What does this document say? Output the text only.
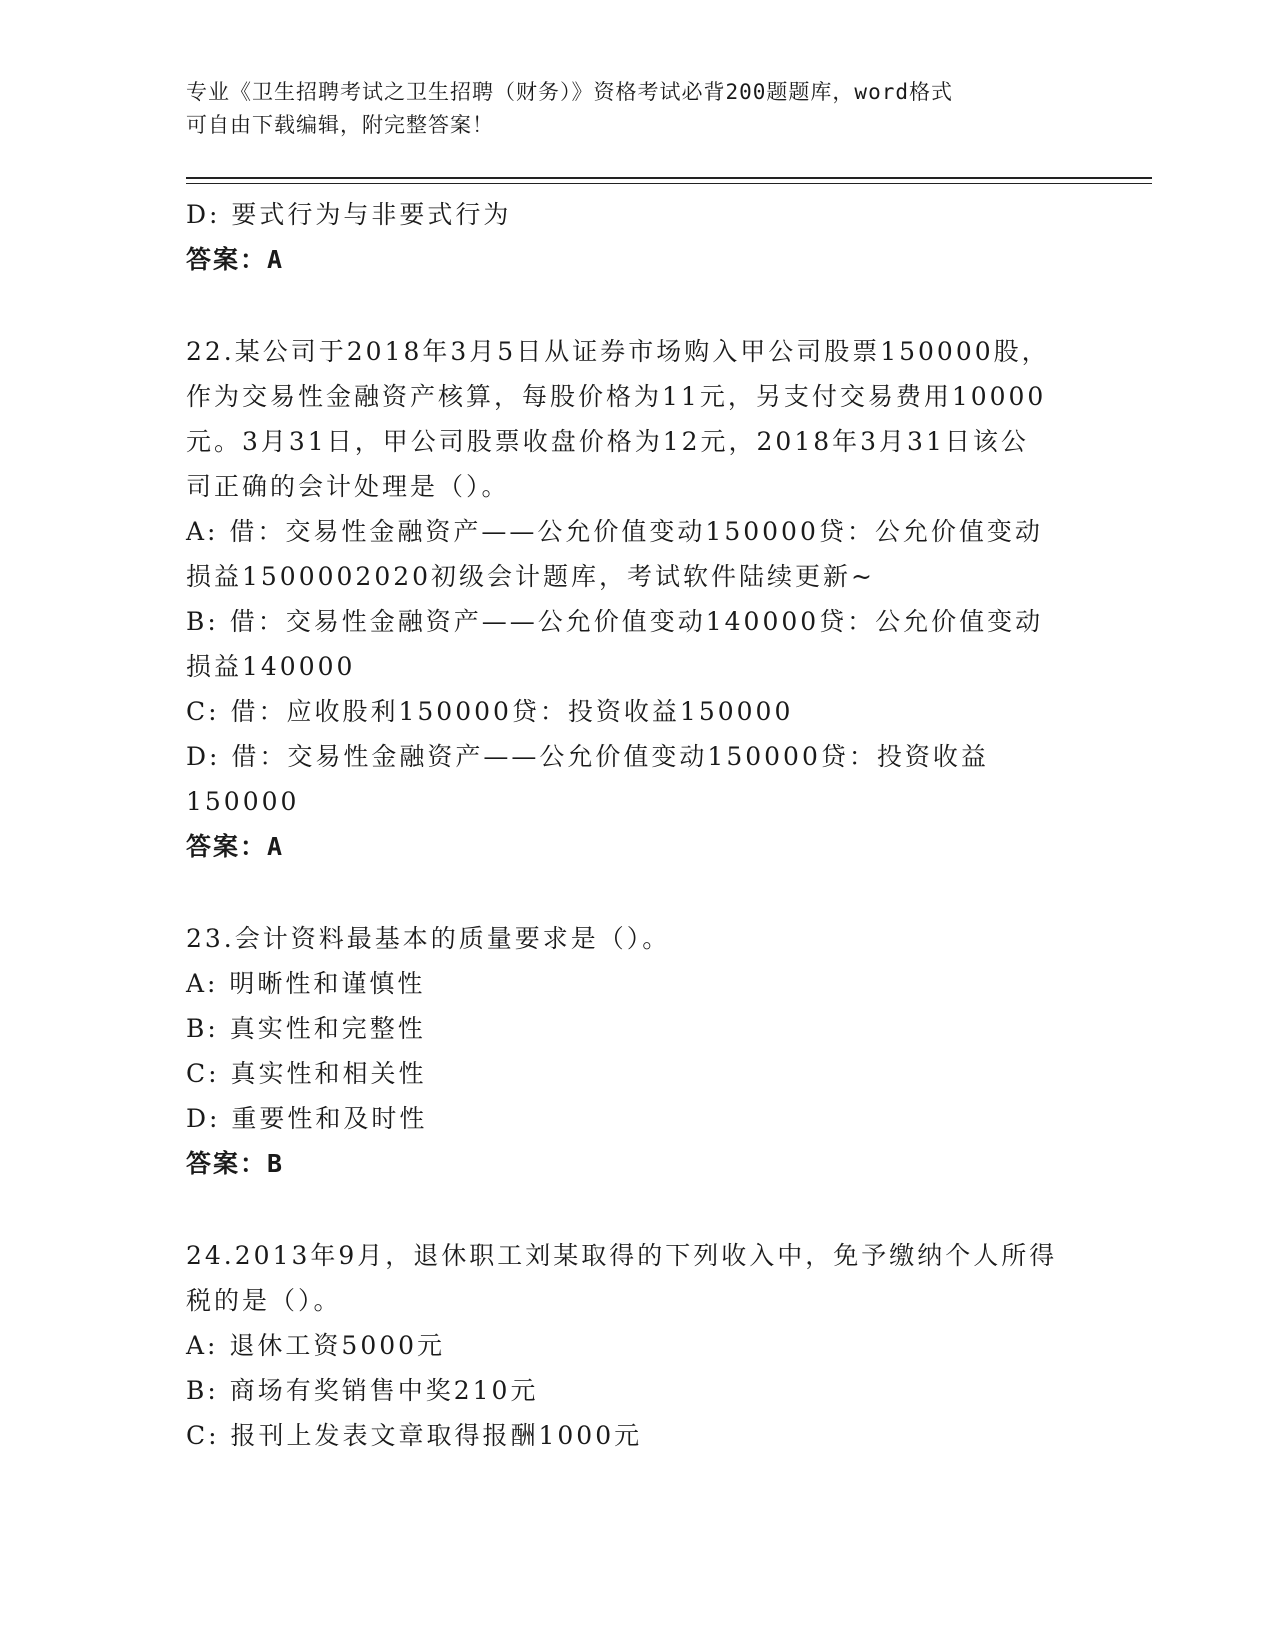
专业《卫生招聘考试之卫生招聘（财务）》资格考试必背200题题库，word格式
可自由下载编辑，附完整答案！
D: 要式行为与非要式行为
答案：A
22.某公司于2018年3月5日从证券市场购入甲公司股票150000股，
作为交易性金融资产核算，每股价格为11元，另支付交易费用10000
元。3月31日，甲公司股票收盘价格为12元，2018年3月31日该公
司正确的会计处理是（）。
A: 借：交易性金融资产——公允价值变动150000贷：公允价值变动
损益1500002020初级会计题库，考试软件陆续更新~
B: 借：交易性金融资产——公允价值变动140000贷：公允价值变动
损益140000
C: 借：应收股利150000贷：投资收益150000
D: 借：交易性金融资产——公允价值变动150000贷：投资收益
150000
答案：A
23.会计资料最基本的质量要求是（）。
A: 明晰性和谨慎性
B: 真实性和完整性
C: 真实性和相关性
D: 重要性和及时性
答案：B
24.2013年9月，退休职工刘某取得的下列收入中，免予缴纳个人所得
税的是（）。
A: 退休工资5000元
B: 商场有奖销售中奖210元
C: 报刊上发表文章取得报酬1000元
